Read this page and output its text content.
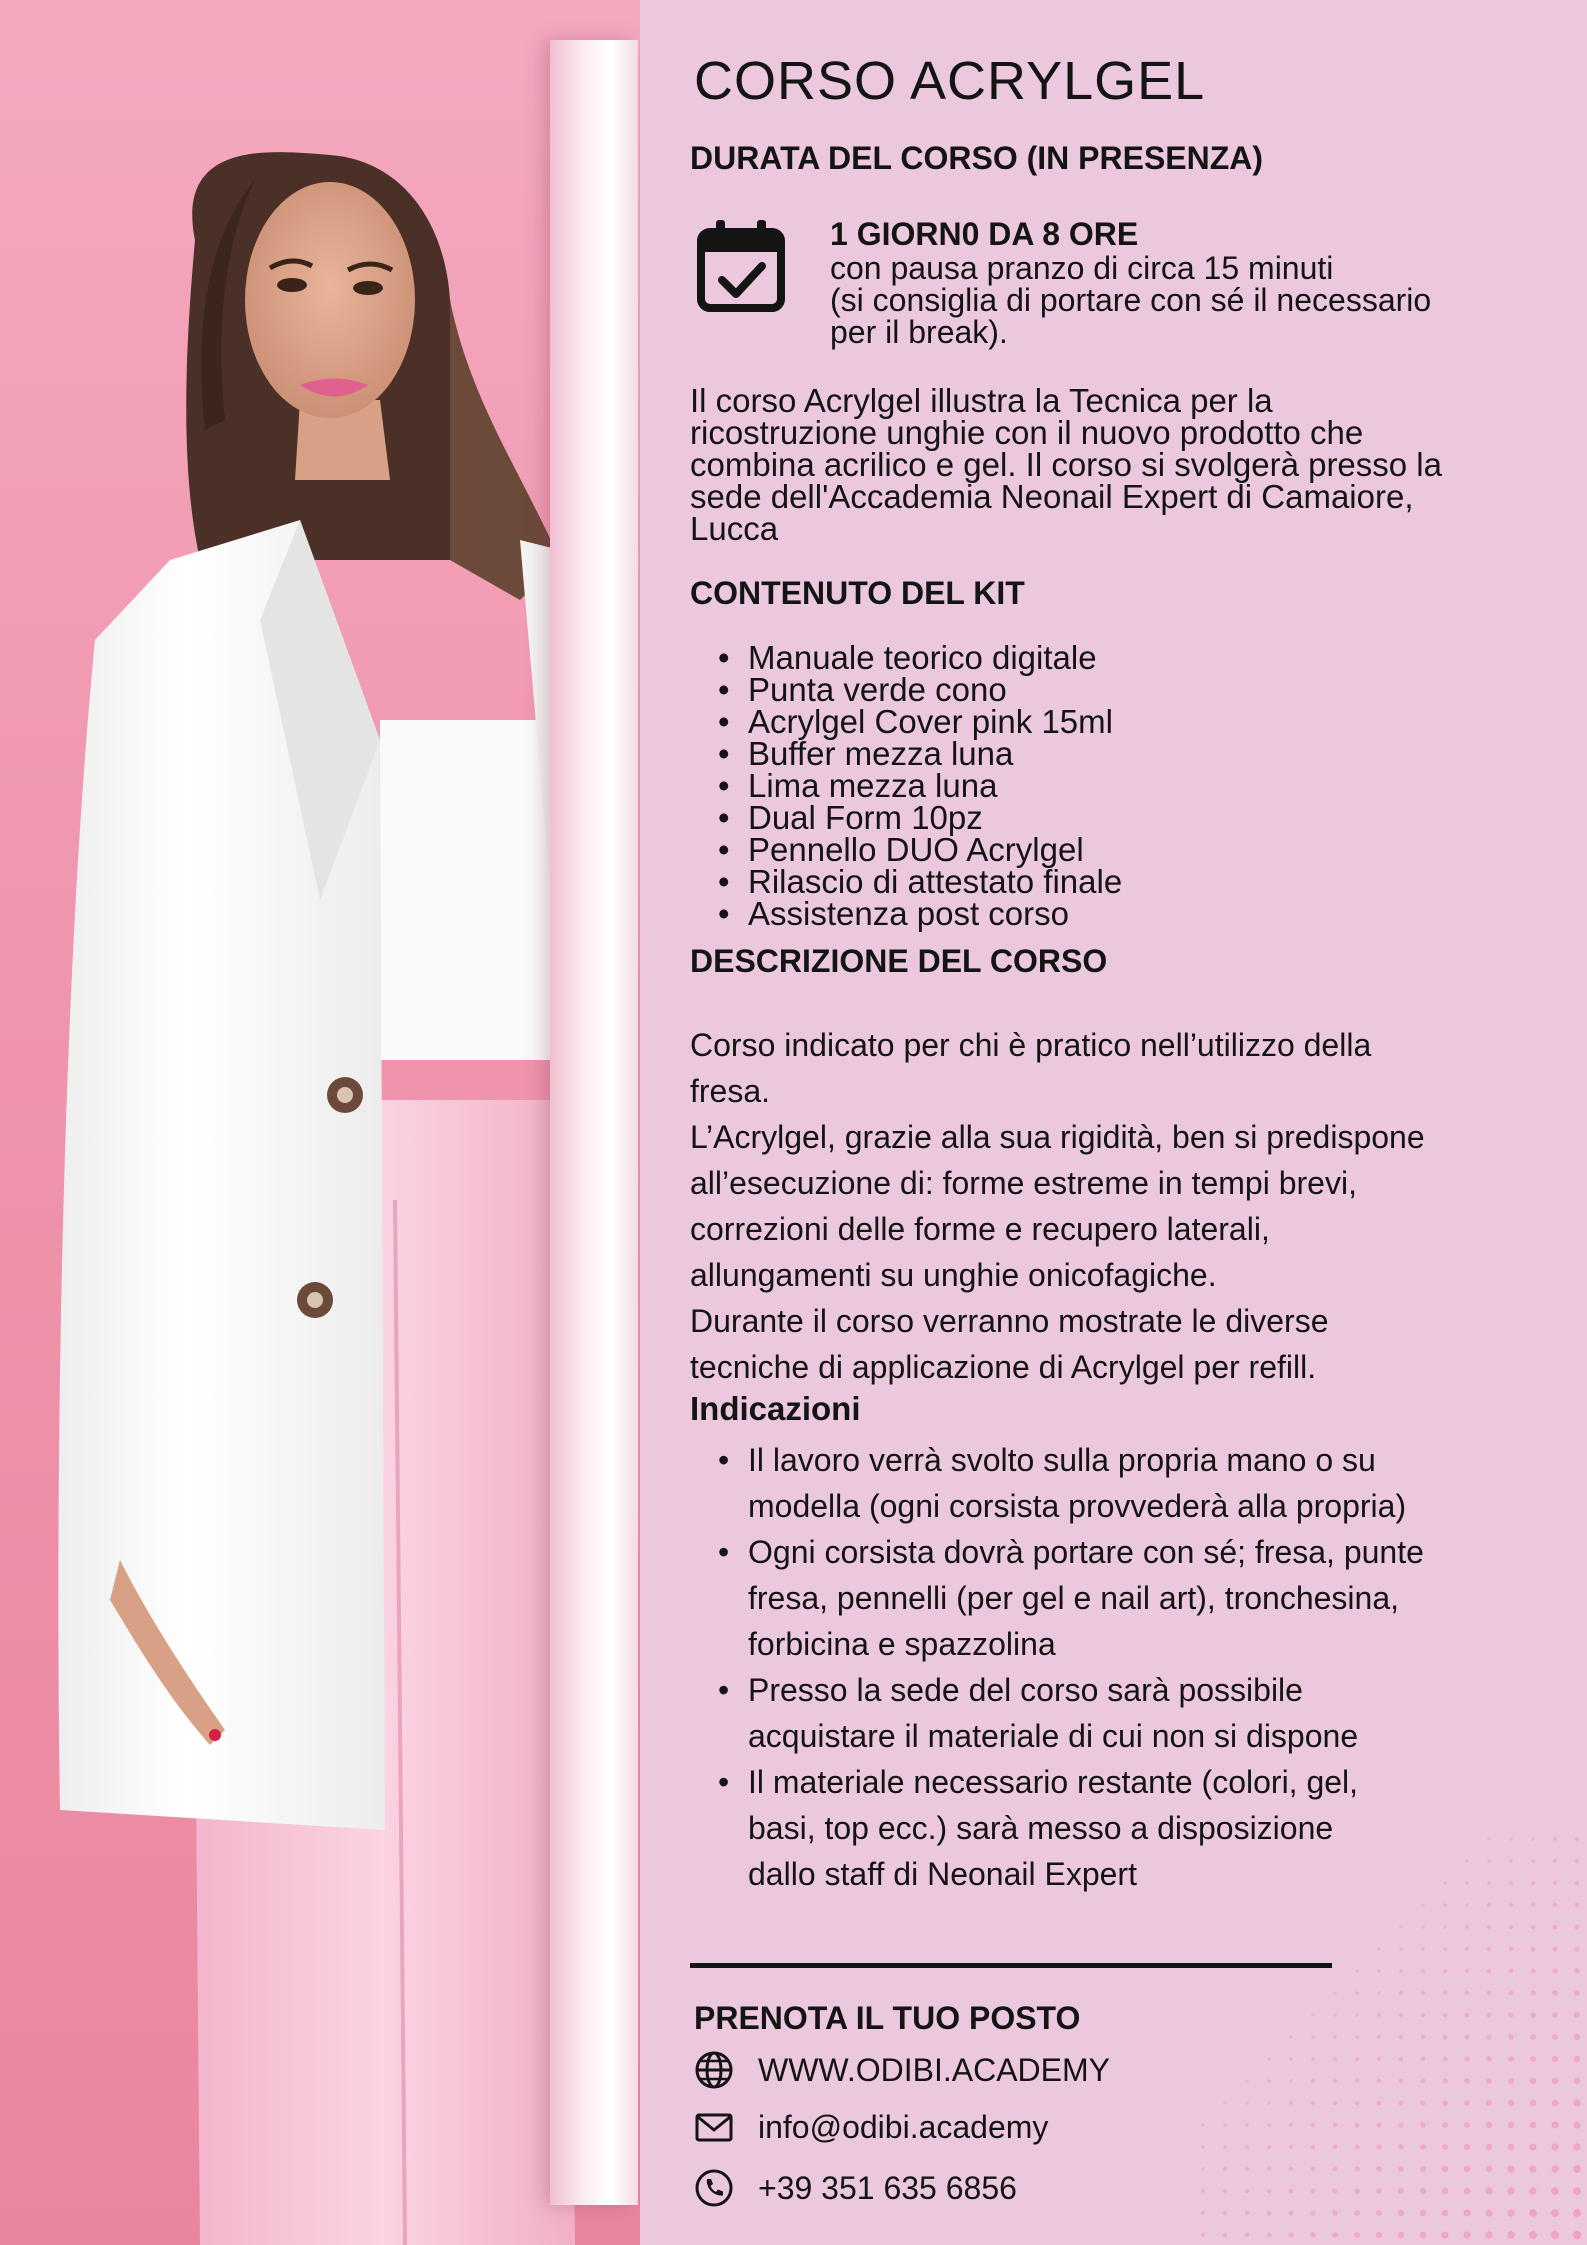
CORSO ACRYLGEL
DURATA DEL CORSO (IN PRESENZA)
1 GIORN0 DA 8 ORE
con pausa pranzo di circa 15 minuti
(si consiglia di portare con sé il necessario
per il break).
Il corso Acrylgel illustra la Tecnica per la
ricostruzione unghie con il nuovo prodotto che
combina acrilico e gel. Il corso si svolgerà presso la
sede dell'Accademia Neonail Expert di Camaiore,
Lucca
CONTENUTO DEL KIT
• Manuale teorico digitale
• Punta verde cono
• Acrylgel Cover pink 15ml
• Buffer mezza luna
• Lima mezza luna
• Dual Form 10pz
• Pennello DUO Acrylgel
• Rilascio di attestato finale
• Assistenza post corso
DESCRIZIONE DEL CORSO
Corso indicato per chi è pratico nell’utilizzo della
fresa.
L’Acrylgel, grazie alla sua rigidità, ben si predispone
all’esecuzione di: forme estreme in tempi brevi,
correzioni delle forme e recupero laterali,
allungamenti su unghie onicofagiche.
Durante il corso verranno mostrate le diverse
tecniche di applicazione di Acrylgel per refill.
Indicazioni
• Il lavoro verrà svolto sulla propria mano o su
modella (ogni corsista provvederà alla propria)
• Ogni corsista dovrà portare con sé; fresa, punte
fresa, pennelli (per gel e nail art), tronchesina,
forbicina e spazzolina
• Presso la sede del corso sarà possibile
acquistare il materiale di cui non si dispone
• Il materiale necessario restante (colori, gel,
basi, top ecc.) sarà messo a disposizione
dallo staff di Neonail Expert
PRENOTA IL TUO POSTO
WWW.ODIBI.ACADEMY
info@odibi.academy
+39 351 635 6856
